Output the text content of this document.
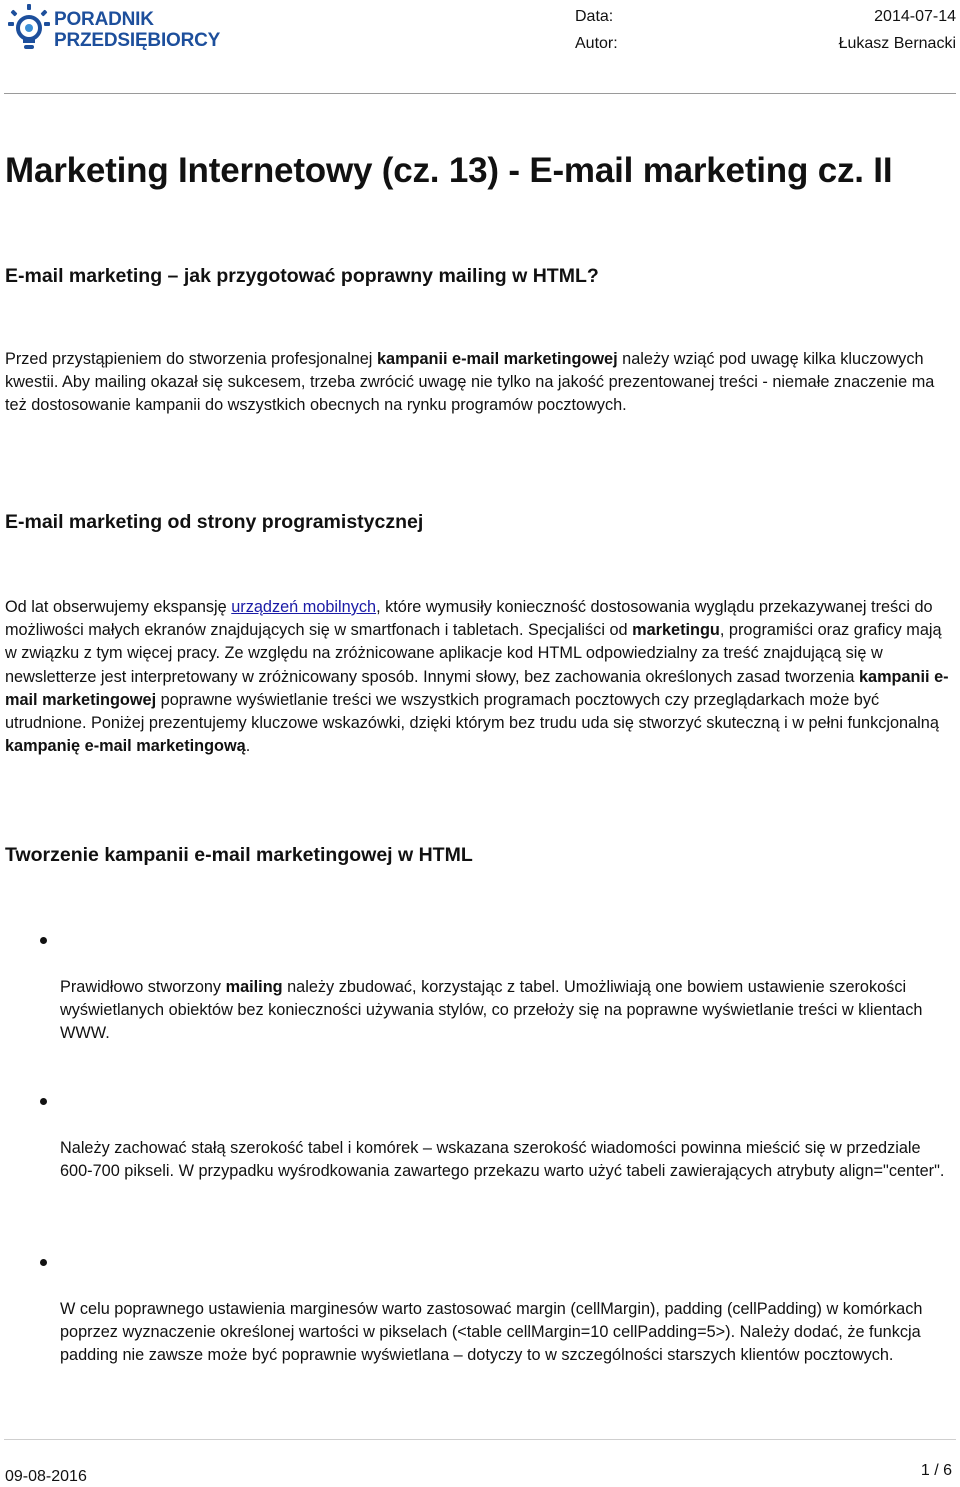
PORADNIK
PRZEDSIĘBIORCY
Data:
Autor:
2014-07-14
Łukasz Bernacki
Marketing Internetowy (cz. 13) - E-mail marketing cz. II
E-mail marketing – jak przygotować poprawny mailing w HTML?

Przed przystąpieniem do stworzenia profesjonalnej kampanii e-mail marketingowej należy wziąć pod uwagę kilka kluczowych kwestii. Aby mailing okazał się sukcesem, trzeba zwrócić uwagę nie tylko na jakość prezentowanej treści - niemałe znaczenie ma też dostosowanie kampanii do wszystkich obecnych na rynku programów pocztowych.

E-mail marketing od strony programistycznej

Od lat obserwujemy ekspansję urządzeń mobilnych, które wymusiły konieczność dostosowania wyglądu przekazywanej treści do możliwości małych ekranów znajdujących się w smartfonach i tabletach. Specjaliści od marketingu, programiści oraz graficy mają w związku z tym więcej pracy. Ze względu na zróżnicowane aplikacje kod HTML odpowiedzialny za treść znajdującą się w newsletterze jest interpretowany w zróżnicowany sposób. Innymi słowy, bez zachowania określonych zasad tworzenia kampanii e-mail marketingowej poprawne wyświetlanie treści we wszystkich programach pocztowych czy przeglądarkach może być utrudnione. Poniżej prezentujemy kluczowe wskazówki, dzięki którym bez trudu uda się stworzyć skuteczną i w pełni funkcjonalną kampanię e-mail marketingową.

Tworzenie kampanii e-mail marketingowej w HTML

Prawidłowo stworzony mailing należy zbudować, korzystając z tabel. Umożliwiają one bowiem ustawienie szerokości wyświetlanych obiektów bez konieczności używania stylów, co przełoży się na poprawne wyświetlanie treści w klientach WWW.

Należy zachować stałą szerokość tabel i komórek – wskazana szerokość wiadomości powinna mieścić się w przedziale 600-700 pikseli. W przypadku wyśrodkowania zawartego przekazu warto użyć tabeli zawierających atrybuty align="center".

W celu poprawnego ustawienia marginesów warto zastosować margin (cellMargin), padding (cellPadding) w komórkach poprzez wyznaczenie określonej wartości w pikselach (<table cellMargin=10 cellPadding=5>). Należy dodać, że funkcja padding nie zawsze może być poprawnie wyświetlana – dotyczy to w szczególności starszych klientów pocztowych.

09-08-2016	1 / 6
